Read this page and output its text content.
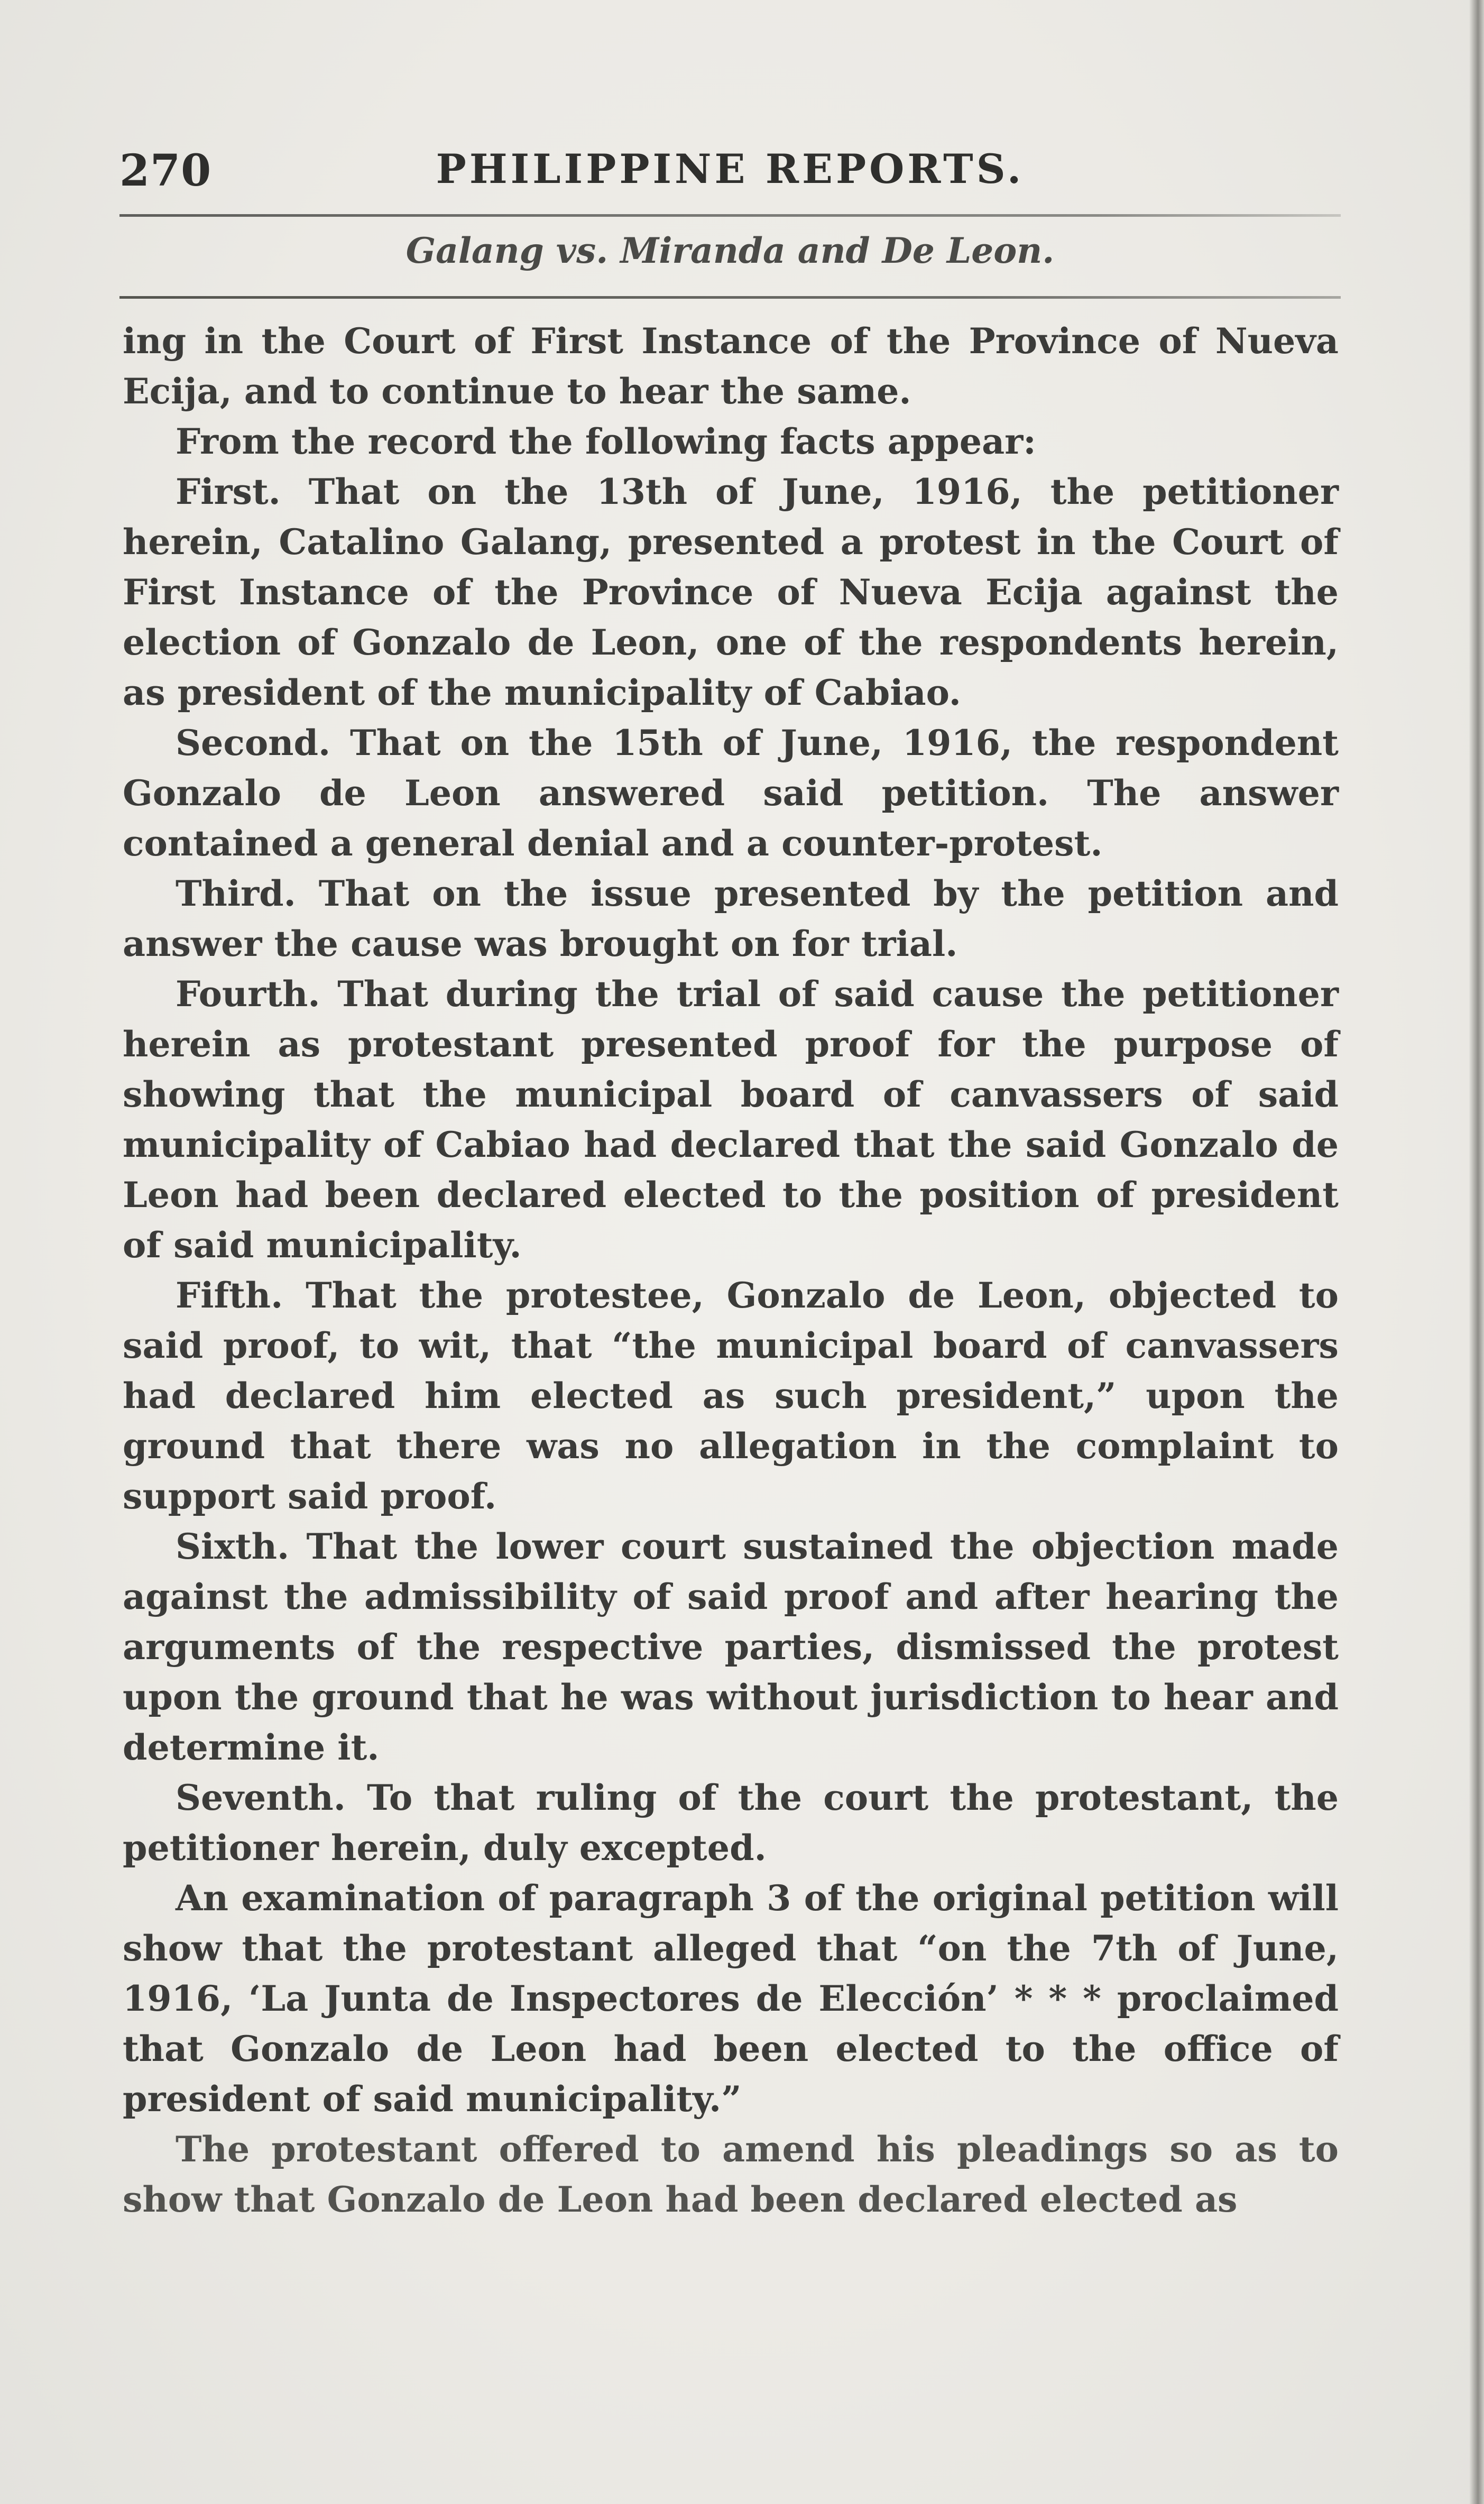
270	PHILIPPINE REPORTS.
Galang vs. Miranda and De Leon.

ing in the Court of First Instance of the Province of Nueva Ecija, and to continue to hear the same.

From the record the following facts appear:

First. That on the 13th of June, 1916, the petitioner herein, Catalino Galang, presented a protest in the Court of First Instance of the Province of Nueva Ecija against the election of Gonzalo de Leon, one of the respondents herein, as president of the municipality of Cabiao.

Second. That on the 15th of June, 1916, the respondent Gonzalo de Leon answered said petition. The answer contained a general denial and a counter-protest.

Third. That on the issue presented by the petition and answer the cause was brought on for trial.

Fourth. That during the trial of said cause the petitioner herein as protestant presented proof for the purpose of showing that the municipal board of canvassers of said municipality of Cabiao had declared that the said Gonzalo de Leon had been declared elected to the position of president of said municipality.

Fifth. That the protestee, Gonzalo de Leon, objected to said proof, to wit, that “the municipal board of canvassers had declared him elected as such president,” upon the ground that there was no allegation in the complaint to support said proof.

Sixth. That the lower court sustained the objection made against the admissibility of said proof and after hearing the arguments of the respective parties, dismissed the protest upon the ground that he was without jurisdiction to hear and determine it.

Seventh. To that ruling of the court the protestant, the petitioner herein, duly excepted.

An examination of paragraph 3 of the original petition will show that the protestant alleged that “on the 7th of June, 1916, ‘La Junta de Inspectores de Elección’ * * * proclaimed that Gonzalo de Leon had been elected to the office of president of said municipality.”

The protestant offered to amend his pleadings so as to show that Gonzalo de Leon had been declared elected as
